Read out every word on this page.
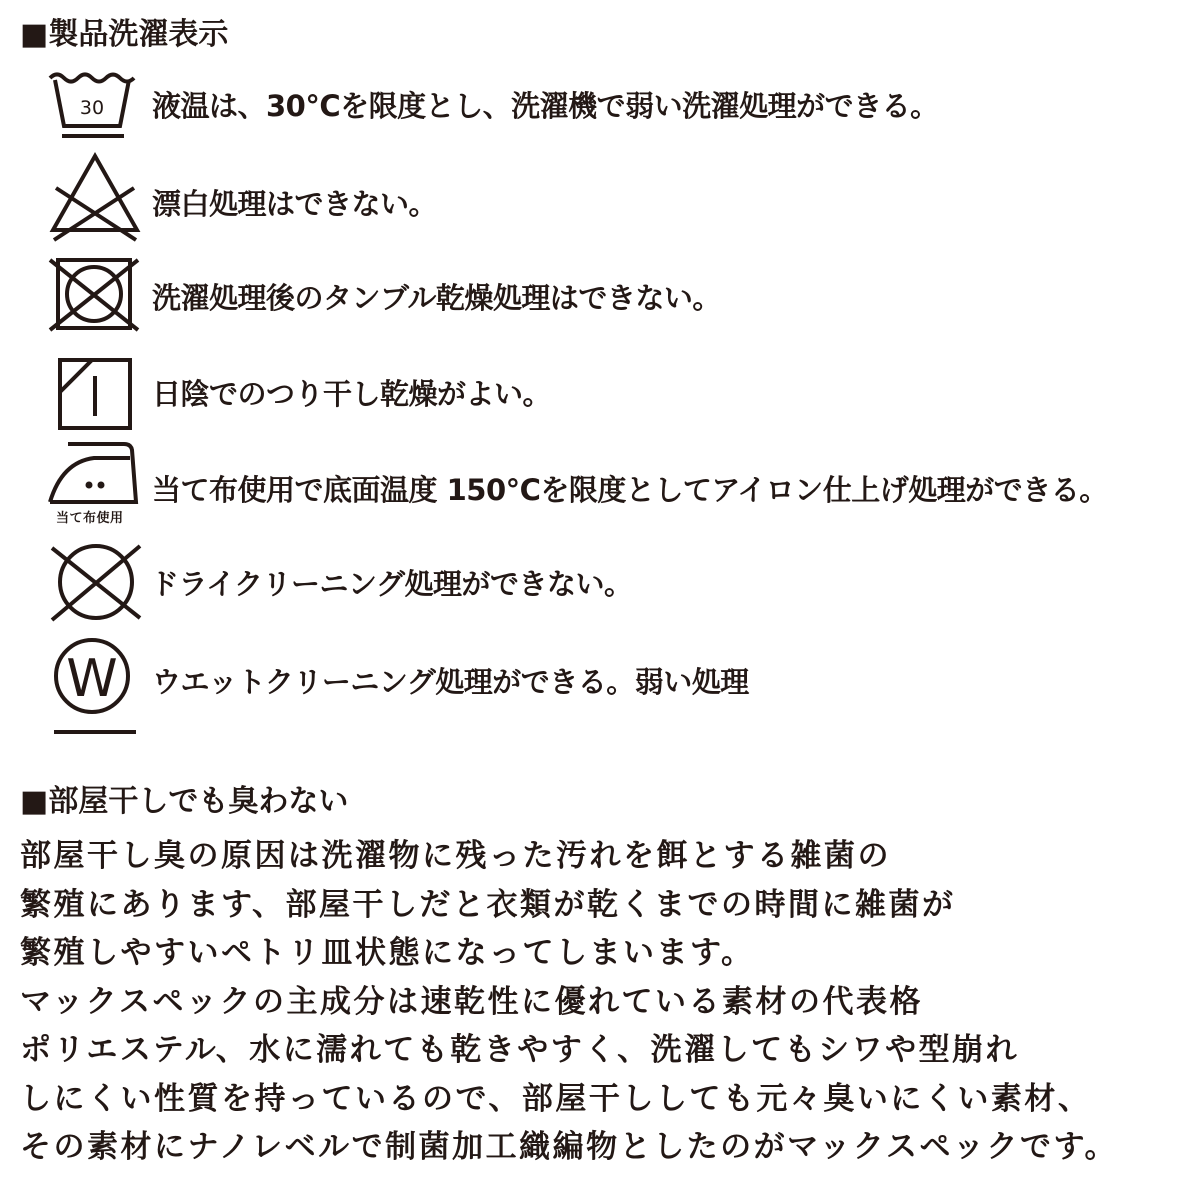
■製品洗濯表示
30 液温は、30°Cを限度とし、洗濯機で弱い洗濯処理ができる。
漂白処理はできない。
洗濯処理後のタンブル乾燥処理はできない。
日陰でのつり干し乾燥がよい。
当て布使用
当て布使用で底面温度 150°Cを限度としてアイロン仕上げ処理ができる。
ドライクリーニング処理ができない。
W ウエットクリーニング処理ができる。弱い処理
■部屋干しでも臭わない
部屋干し臭の原因は洗濯物に残った汚れを餌とする雑菌の
繁殖にあります、部屋干しだと衣類が乾くまでの時間に雑菌が
繁殖しやすいペトリ皿状態になってしまいます。
マックスペックの主成分は速乾性に優れている素材の代表格
ポリエステル、水に濡れても乾きやすく、洗濯してもシワや型崩れ
しにくい性質を持っているので、部屋干ししても元々臭いにくい素材、
その素材にナノレベルで制菌加工織編物としたのがマックスペックです。
